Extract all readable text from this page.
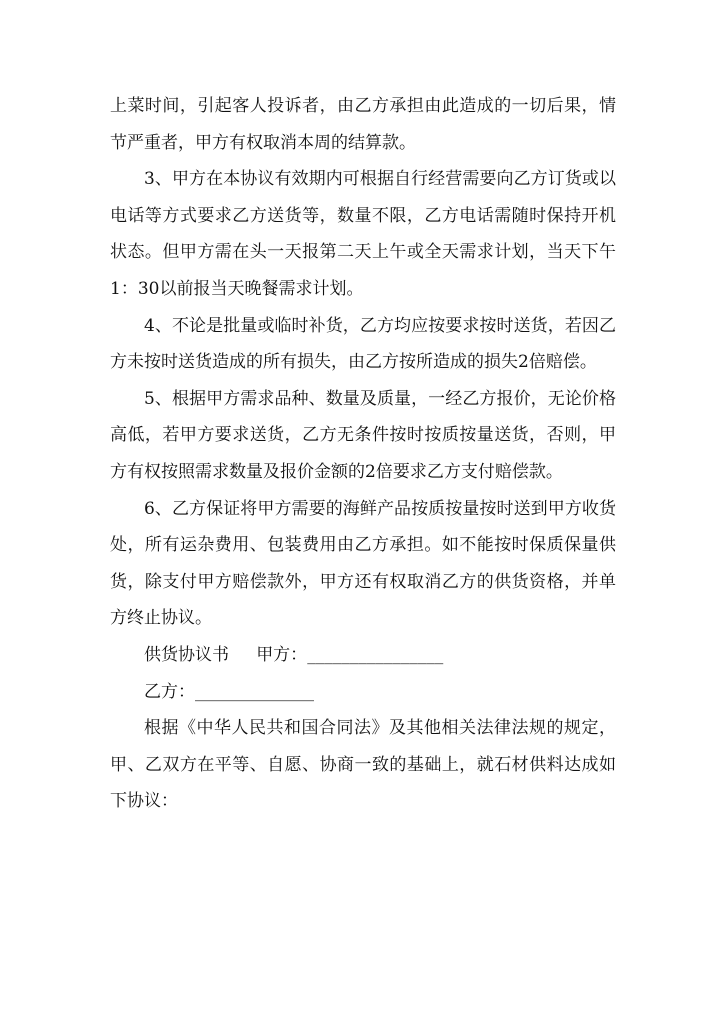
上菜时间，引起客人投诉者，由乙方承担由此造成的一切后果，情节严重者，甲方有权取消本周的结算款。

3、甲方在本协议有效期内可根据自行经营需要向乙方订货或以电话等方式要求乙方送货等，数量不限，乙方电话需随时保持开机状态。但甲方需在头一天报第二天上午或全天需求计划，当天下午1：30以前报当天晚餐需求计划。

4、不论是批量或临时补货，乙方均应按要求按时送货，若因乙方未按时送货造成的所有损失，由乙方按所造成的损失2倍赔偿。

5、根据甲方需求品种、数量及质量，一经乙方报价，无论价格高低，若甲方要求送货，乙方无条件按时按质按量送货，否则，甲方有权按照需求数量及报价金额的2倍要求乙方支付赔偿款。

6、乙方保证将甲方需要的海鲜产品按质按量按时送到甲方收货处，所有运杂费用、包装费用由乙方承担。如不能按时保质保量供货，除支付甲方赔偿款外，甲方还有权取消乙方的供货资格，并单方终止协议。

供货协议书 甲方：________________
乙方：______________

根据《中华人民共和国合同法》及其他相关法律法规的规定，甲、乙双方在平等、自愿、协商一致的基础上，就石材供料达成如下协议：
